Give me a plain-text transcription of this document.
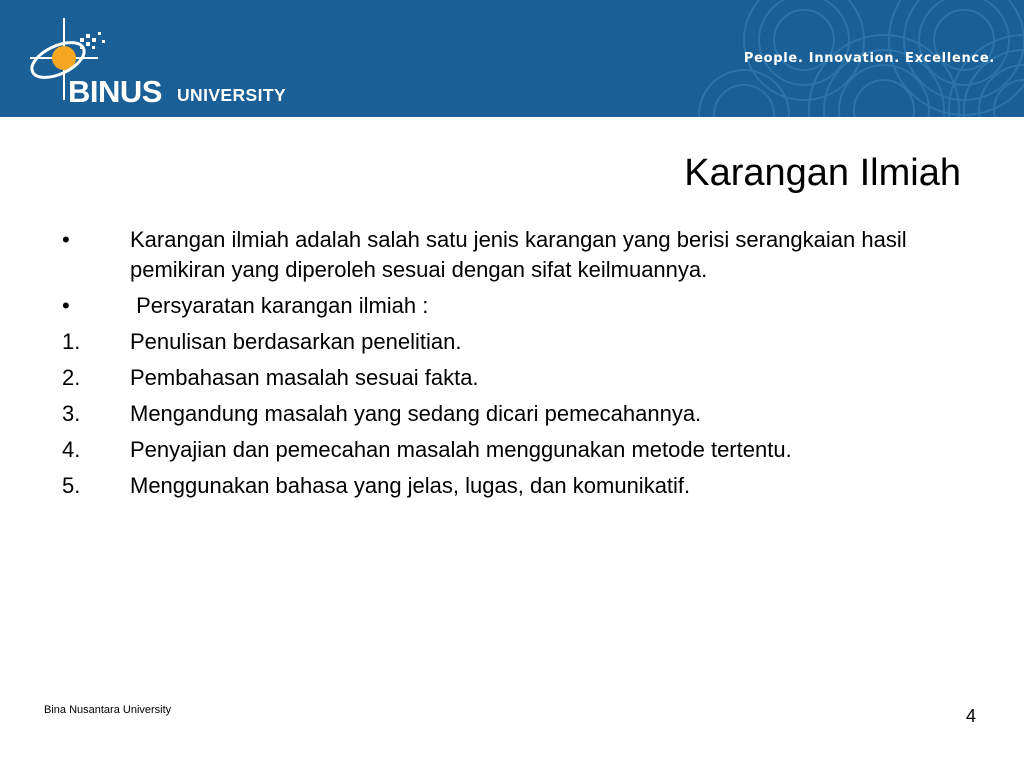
BINUS UNIVERSITY
People. Innovation. Excellence.
Karangan Ilmiah
•	Karangan ilmiah adalah salah satu jenis karangan yang berisi serangkaian hasil pemikiran yang diperoleh sesuai dengan sifat keilmuannya.
•	Persyaratan karangan ilmiah :
1.	Penulisan berdasarkan penelitian.
2.	Pembahasan masalah sesuai fakta.
3.	Mengandung masalah yang sedang dicari pemecahannya.
4.	Penyajian dan pemecahan masalah menggunakan metode tertentu.
5.	Menggunakan bahasa yang jelas, lugas, dan komunikatif.
Bina Nusantara University	4
